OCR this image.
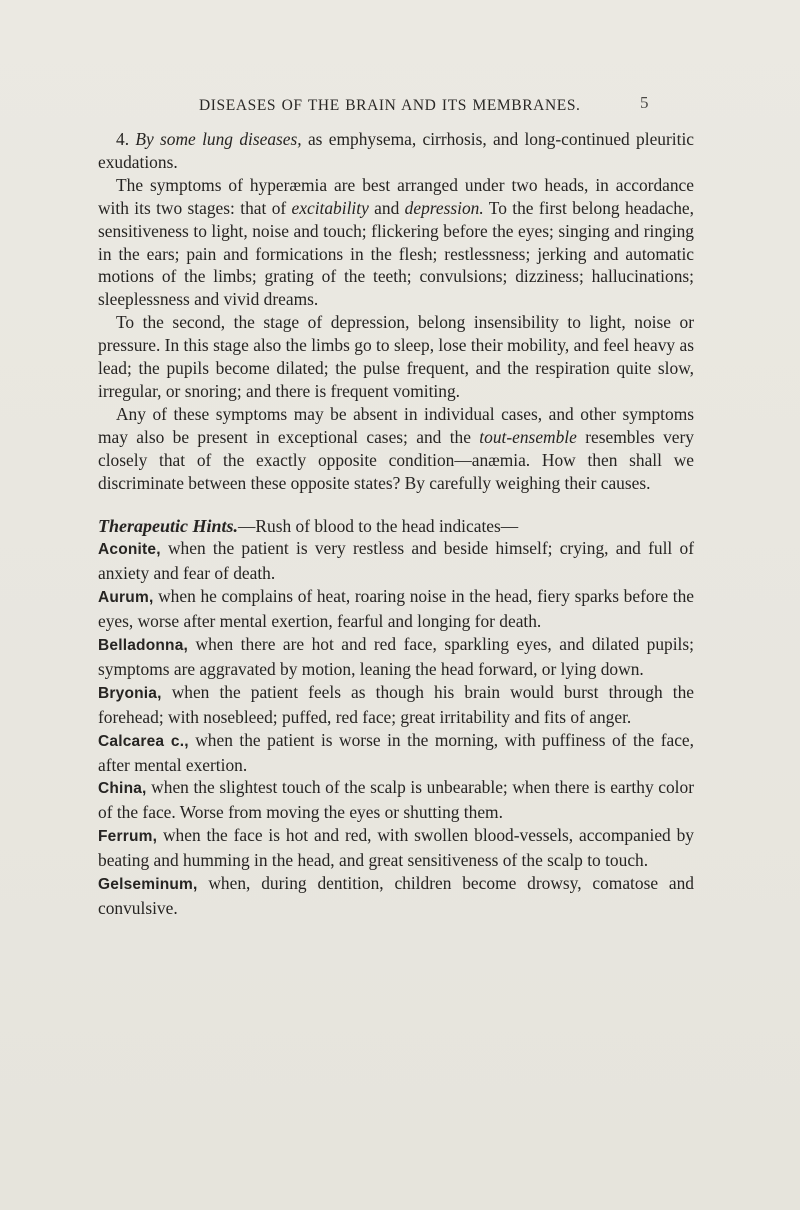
DISEASES OF THE BRAIN AND ITS MEMBRANES.	5

4. By some lung diseases, as emphysema, cirrhosis, and long-continued pleuritic exudations.

The symptoms of hyperæmia are best arranged under two heads, in accordance with its two stages: that of excitability and depression. To the first belong headache, sensitiveness to light, noise and touch; flickering before the eyes; singing and ringing in the ears; pain and formications in the flesh; restlessness; jerking and automatic motions of the limbs; grating of the teeth; convulsions; dizziness; hallucinations; sleeplessness and vivid dreams.

To the second, the stage of depression, belong insensibility to light, noise or pressure. In this stage also the limbs go to sleep, lose their mobility, and feel heavy as lead; the pupils become dilated; the pulse frequent, and the respiration quite slow, irregular, or snoring; and there is frequent vomiting.

Any of these symptoms may be absent in individual cases, and other symptoms may also be present in exceptional cases; and the tout-ensemble resembles very closely that of the exactly opposite condition—anæmia. How then shall we discriminate between these opposite states? By carefully weighing their causes.

Therapeutic Hints.—Rush of blood to the head indicates—

Aconite, when the patient is very restless and beside himself; crying, and full of anxiety and fear of death.

Aurum, when he complains of heat, roaring noise in the head, fiery sparks before the eyes, worse after mental exertion, fearful and longing for death.

Belladonna, when there are hot and red face, sparkling eyes, and dilated pupils; symptoms are aggravated by motion, leaning the head forward, or lying down.

Bryonia, when the patient feels as though his brain would burst through the forehead; with nosebleed; puffed, red face; great irritability and fits of anger.

Calcarea c., when the patient is worse in the morning, with puffiness of the face, after mental exertion.

China, when the slightest touch of the scalp is unbearable; when there is earthy color of the face. Worse from moving the eyes or shutting them.

Ferrum, when the face is hot and red, with swollen blood-vessels, accompanied by beating and humming in the head, and great sensitiveness of the scalp to touch.

Gelseminum, when, during dentition, children become drowsy, comatose and convulsive.
